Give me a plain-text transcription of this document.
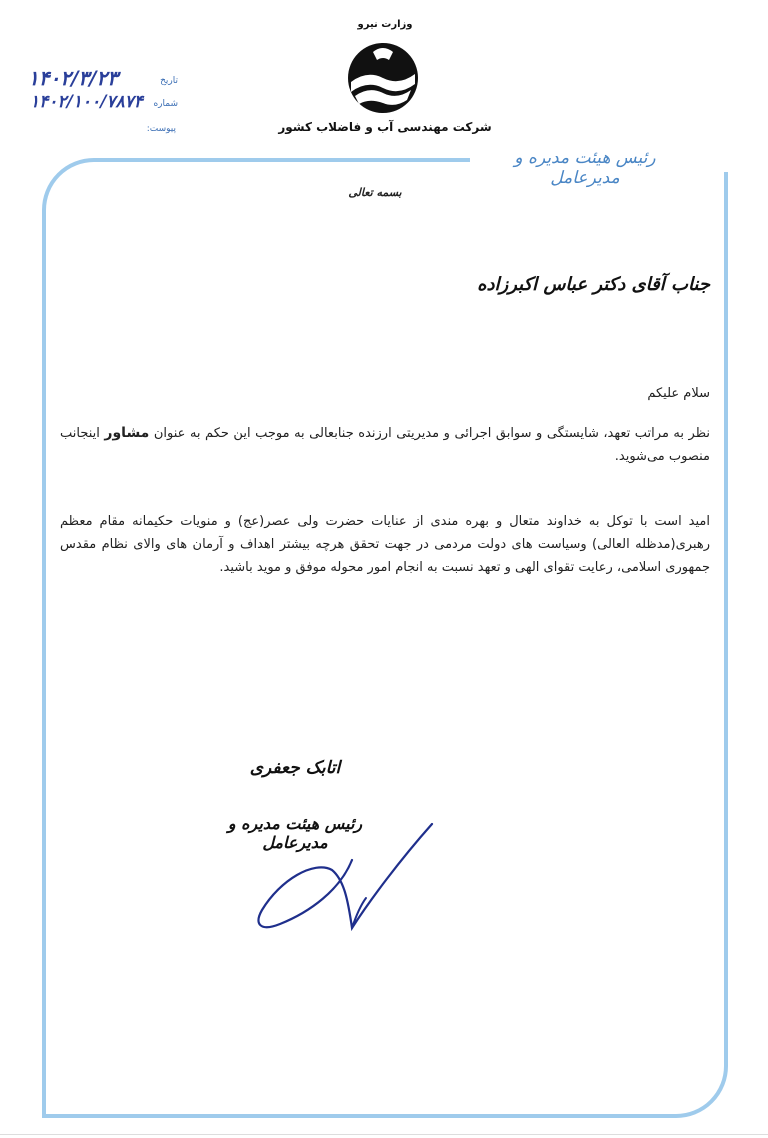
وزارت نیرو
شرکت مهندسی آب و فاضلاب کشور
تاریخ
شماره
پیوست:
۱۴۰۲/۳/۲۳
۱۴۰۲/۱۰۰/۷۸۷۴
رئیس هیئت مدیره و مدیرعامل
بسمه تعالی
جناب آقای دکتر عباس اکبرزاده
سلام علیکم
نظر به مراتب تعهد، شایستگی و سوابق اجرائی و مدیریتی ارزنده جنابعالی به موجب این حکم به عنوان مشاور اینجانب منصوب می‌شوید.
امید است با توکل به خداوند متعال و بهره مندی از عنایات حضرت ولی عصر(عج) و منویات حکیمانه مقام معظم رهبری(مدظله العالی) وسیاست های دولت مردمی در جهت تحقق هرچه بیشتر اهداف و آرمان های والای نظام مقدس جمهوری اسلامی، رعایت تقوای الهی و تعهد نسبت به انجام امور محوله موفق و موید باشید.
اتابک جعفری
رئیس هیئت مدیره و مدیرعامل
